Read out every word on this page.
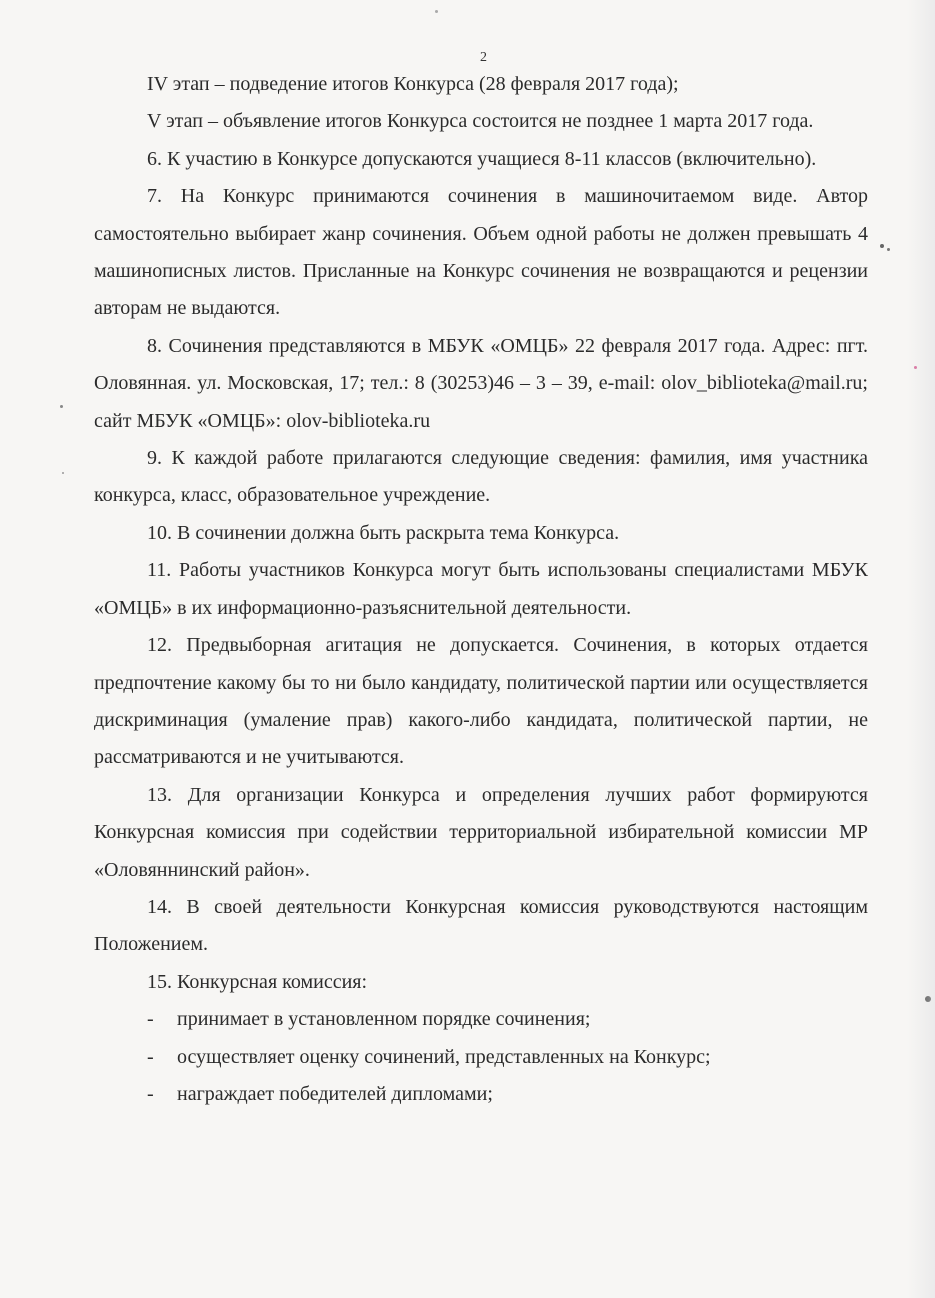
2

IV этап – подведение итогов Конкурса (28 февраля 2017 года);

V этап – объявление итогов Конкурса состоится не позднее 1 марта 2017 года.

6. К участию в Конкурсе допускаются учащиеся 8-11 классов (включительно).

7. На Конкурс принимаются сочинения в машиночитаемом виде. Автор самостоятельно выбирает жанр сочинения. Объем одной работы не должен превышать 4 машинописных листов. Присланные на Конкурс сочинения не возвращаются и рецензии авторам не выдаются.

8. Сочинения представляются в МБУК «ОМЦБ» 22 февраля 2017 года. Адрес: пгт. Оловянная. ул. Московская, 17; тел.: 8 (30253)46 – 3 – 39, e-mail: olov_biblioteka@mail.ru; сайт МБУК «ОМЦБ»: olov-biblioteka.ru

9. К каждой работе прилагаются следующие сведения: фамилия, имя участника конкурса, класс, образовательное учреждение.

10. В сочинении должна быть раскрыта тема Конкурса.

11. Работы участников Конкурса могут быть использованы специалистами МБУК «ОМЦБ» в их информационно-разъяснительной деятельности.

12. Предвыборная агитация не допускается. Сочинения, в которых отдается предпочтение какому бы то ни было кандидату, политической партии или осуществляется дискриминация (умаление прав) какого-либо кандидата, политической партии, не рассматриваются и не учитываются.

13. Для организации Конкурса и определения лучших работ формируются Конкурсная комиссия при содействии территориальной избирательной комиссии МР «Оловяннинский район».

14. В своей деятельности Конкурсная комиссия руководствуются настоящим Положением.

15. Конкурсная комиссия:

-	принимает в установленном порядке сочинения;
-	осуществляет оценку сочинений, представленных на Конкурс;
-	награждает победителей дипломами;
